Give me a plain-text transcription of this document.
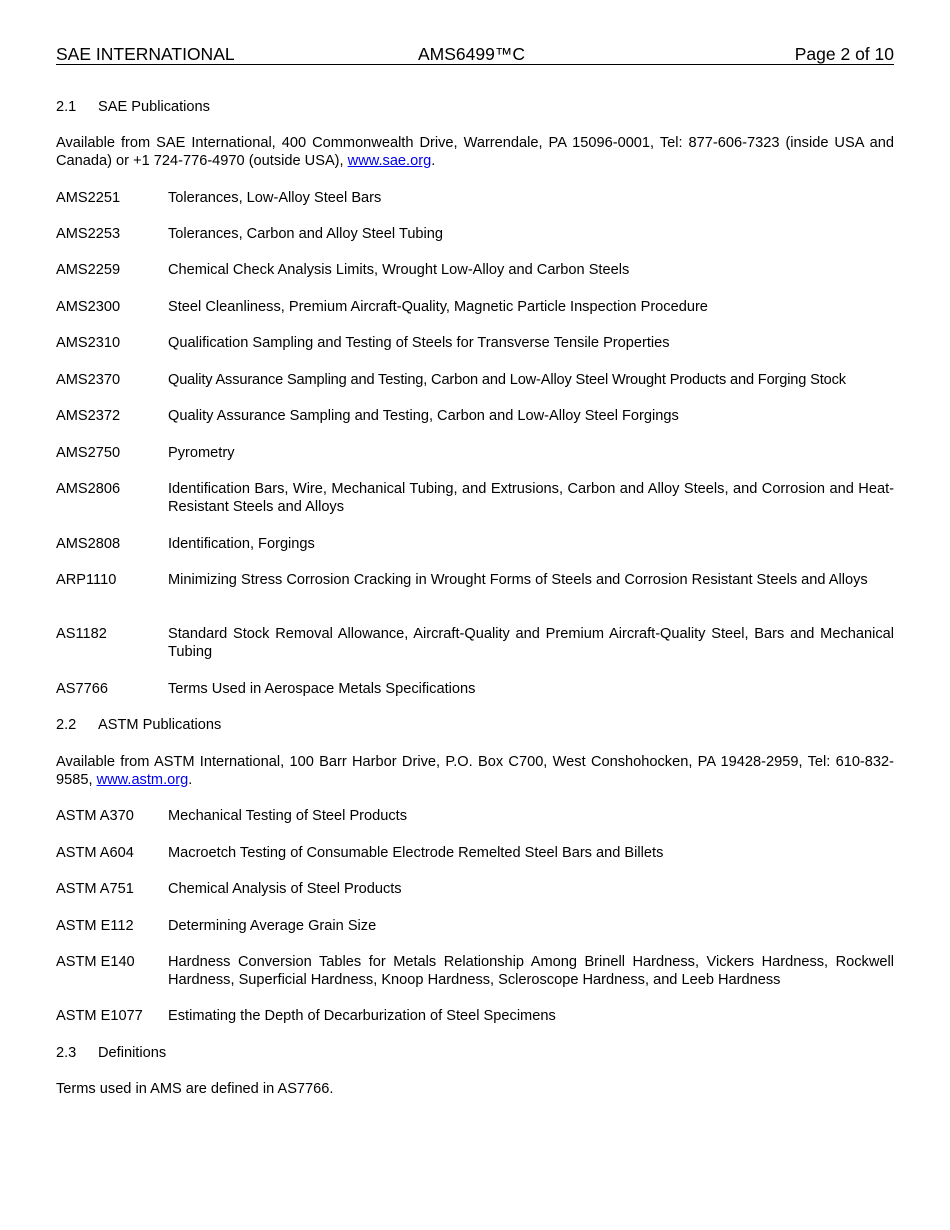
SAE INTERNATIONAL	AMS6499™C	Page 2 of 10
2.1 SAE Publications
Available from SAE International, 400 Commonwealth Drive, Warrendale, PA 15096-0001, Tel: 877-606-7323 (inside USA and Canada) or +1 724-776-4970 (outside USA), www.sae.org.
AMS2251	Tolerances, Low-Alloy Steel Bars
AMS2253	Tolerances, Carbon and Alloy Steel Tubing
AMS2259	Chemical Check Analysis Limits, Wrought Low-Alloy and Carbon Steels
AMS2300	Steel Cleanliness, Premium Aircraft-Quality, Magnetic Particle Inspection Procedure
AMS2310	Qualification Sampling and Testing of Steels for Transverse Tensile Properties
AMS2370	Quality Assurance Sampling and Testing, Carbon and Low-Alloy Steel Wrought Products and Forging Stock
AMS2372	Quality Assurance Sampling and Testing, Carbon and Low-Alloy Steel Forgings
AMS2750	Pyrometry
AMS2806	Identification Bars, Wire, Mechanical Tubing, and Extrusions, Carbon and Alloy Steels, and Corrosion and Heat-Resistant Steels and Alloys
AMS2808	Identification, Forgings
ARP1110	Minimizing Stress Corrosion Cracking in Wrought Forms of Steels and Corrosion Resistant Steels and Alloys
AS1182	Standard Stock Removal Allowance, Aircraft-Quality and Premium Aircraft-Quality Steel, Bars and Mechanical Tubing
AS7766	Terms Used in Aerospace Metals Specifications
2.2 ASTM Publications
Available from ASTM International, 100 Barr Harbor Drive, P.O. Box C700, West Conshohocken, PA 19428-2959, Tel: 610-832-9585, www.astm.org.
ASTM A370 Mechanical Testing of Steel Products
ASTM A604 Macroetch Testing of Consumable Electrode Remelted Steel Bars and Billets
ASTM A751 Chemical Analysis of Steel Products
ASTM E112 Determining Average Grain Size
ASTM E140 Hardness Conversion Tables for Metals Relationship Among Brinell Hardness, Vickers Hardness, Rockwell Hardness, Superficial Hardness, Knoop Hardness, Scleroscope Hardness, and Leeb Hardness
ASTM E1077 Estimating the Depth of Decarburization of Steel Specimens
2.3 Definitions
Terms used in AMS are defined in AS7766.
